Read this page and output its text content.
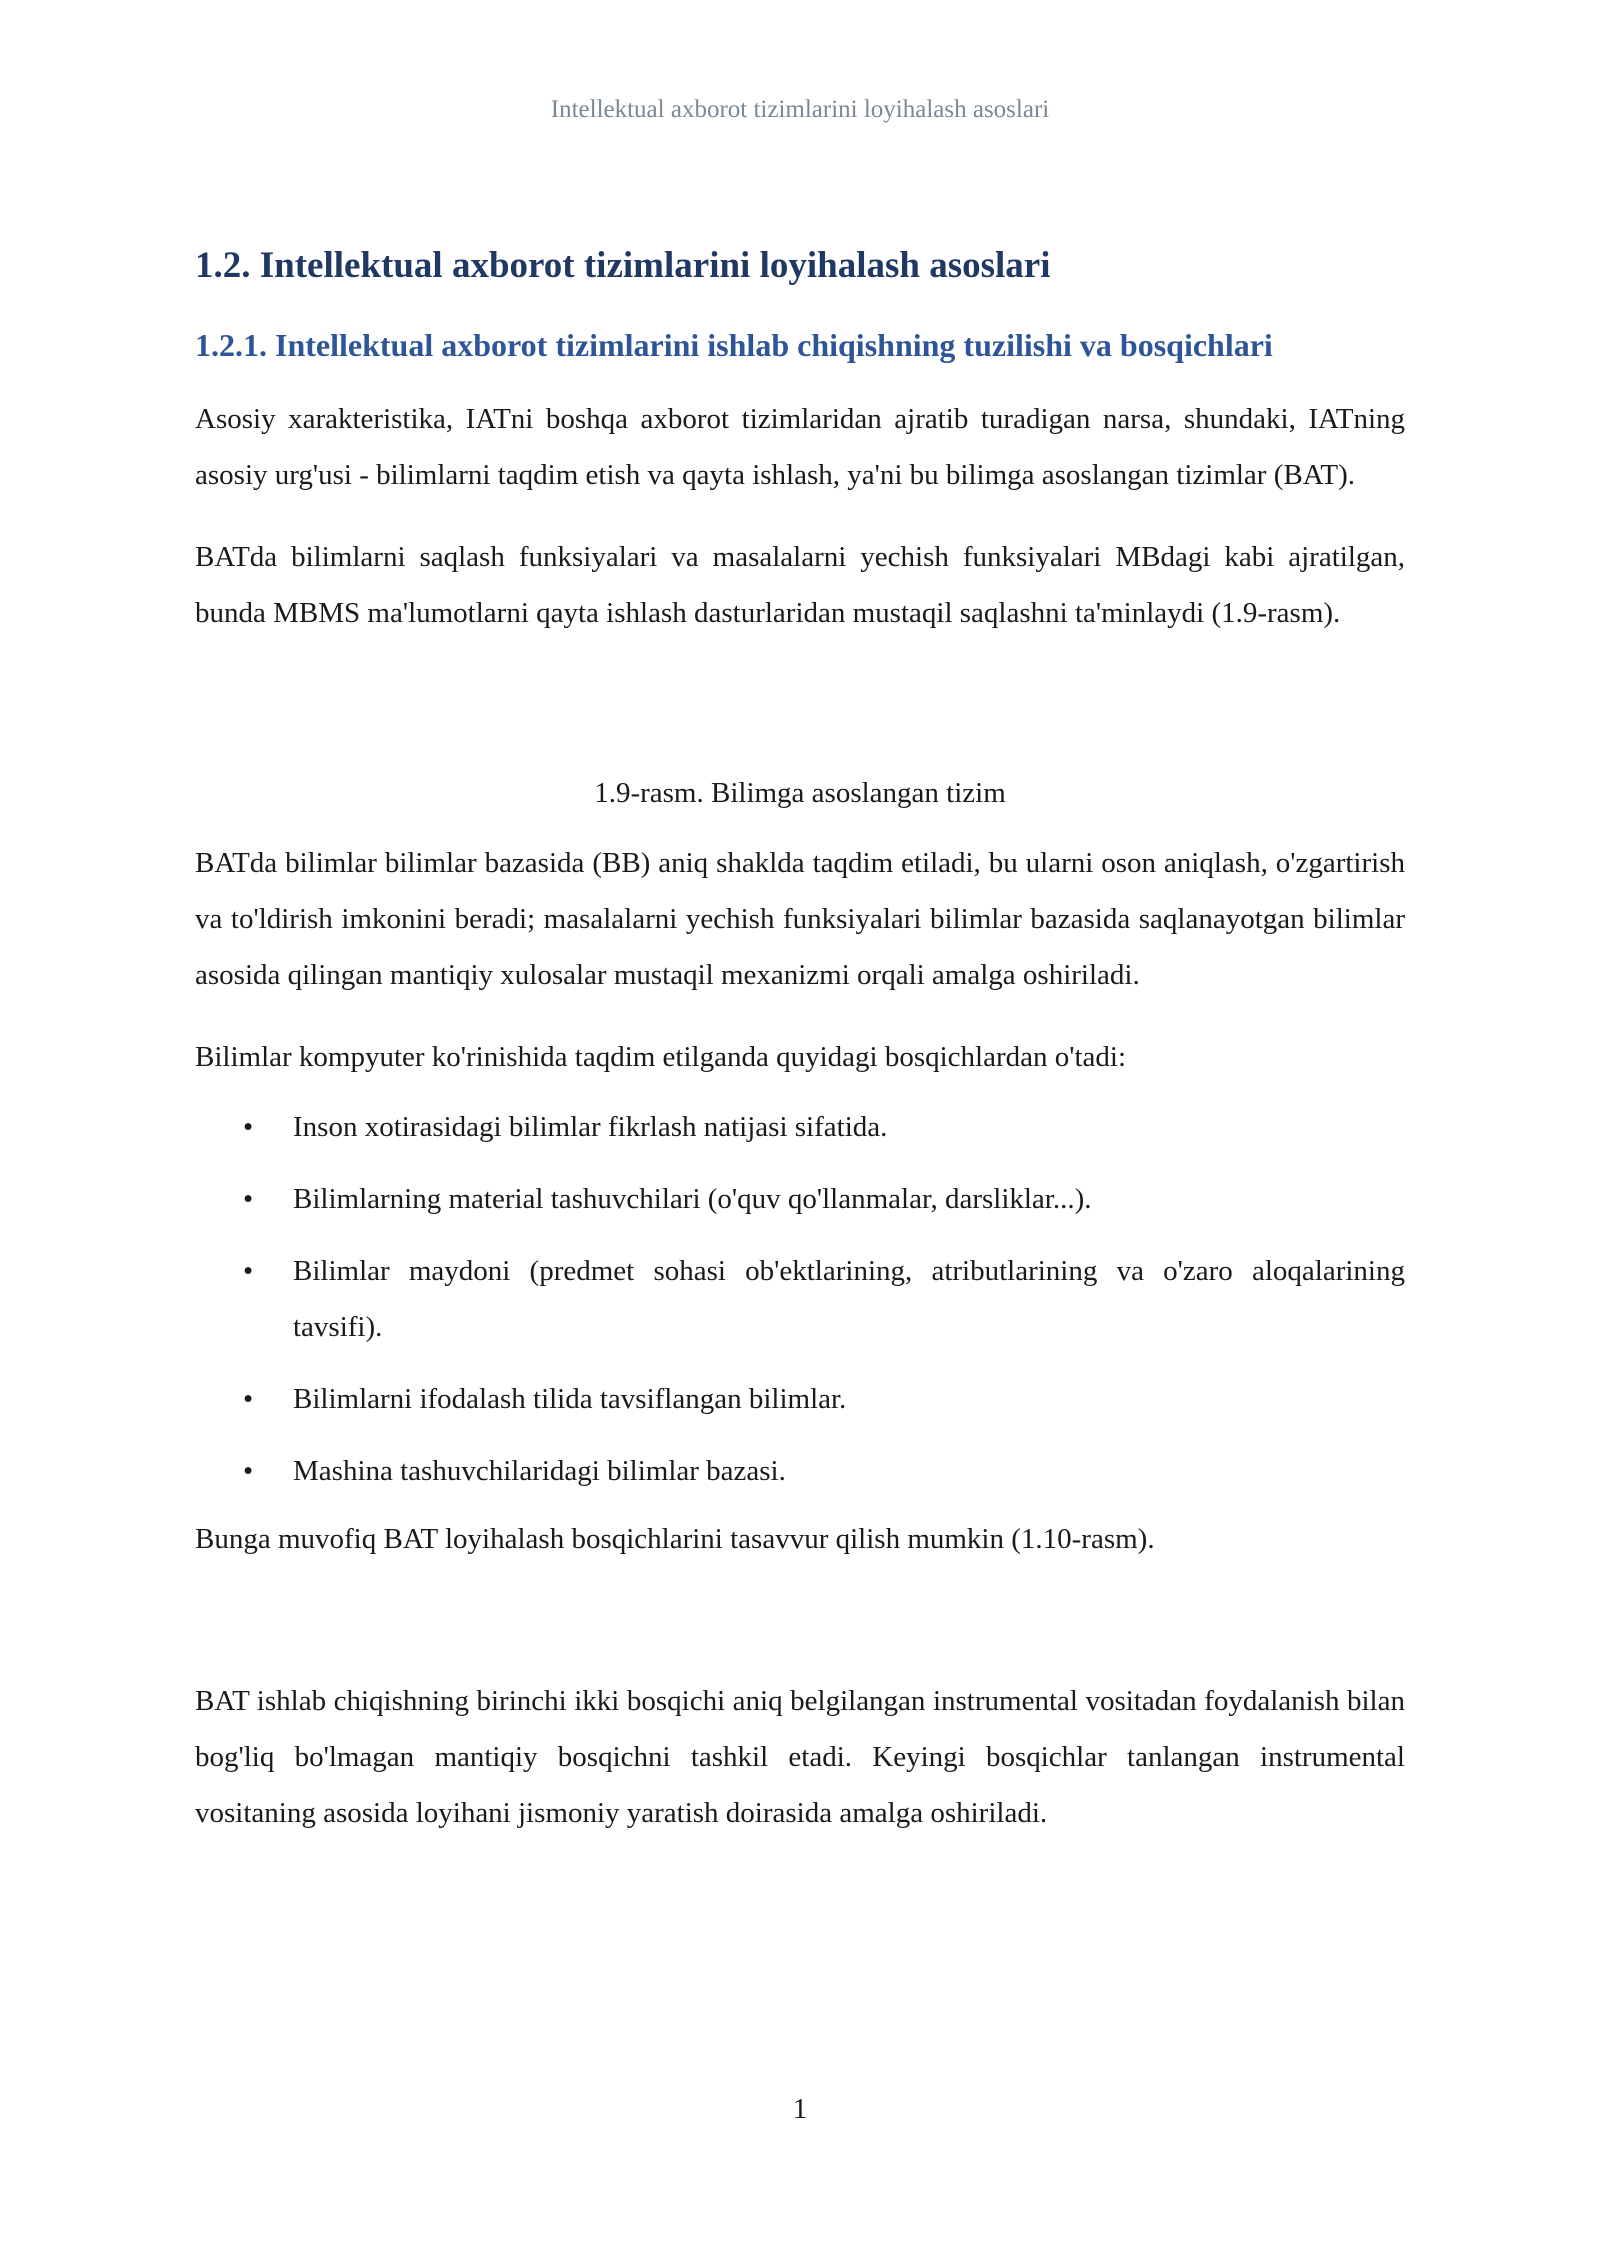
Intellektual axborot tizimlarini loyihalash asoslari
1.2. Intellektual axborot tizimlarini loyihalash asoslari
1.2.1. Intellektual axborot tizimlarini ishlab chiqishning tuzilishi va bosqichlari

Asosiy xarakteristika, IATni boshqa axborot tizimlaridan ajratib turadigan narsa, shundaki, IATning asosiy urg'usi - bilimlarni taqdim etish va qayta ishlash, ya'ni bu bilimga asoslangan tizimlar (BAT).

BATda bilimlarni saqlash funksiyalari va masalalarni yechish funksiyalari MBdagi kabi ajratilgan, bunda MBMS ma'lumotlarni qayta ishlash dasturlaridan mustaqil saqlashni ta'minlaydi (1.9-rasm).

1.9-rasm. Bilimga asoslangan tizim

BATda bilimlar bilimlar bazasida (BB) aniq shaklda taqdim etiladi, bu ularni oson aniqlash, o'zgartirish va to'ldirish imkonini beradi; masalalarni yechish funksiyalari bilimlar bazasida saqlanayotgan bilimlar asosida qilingan mantiqiy xulosalar mustaqil mexanizmi orqali amalga oshiriladi.

Bilimlar kompyuter ko'rinishida taqdim etilganda quyidagi bosqichlardan o'tadi:

• Inson xotirasidagi bilimlar fikrlash natijasi sifatida.
• Bilimlarning material tashuvchilari (o'quv qo'llanmalar, darsliklar...).
• Bilimlar maydoni (predmet sohasi ob'ektlarining, atributlarining va o'zaro aloqalarining tavsifi).
• Bilimlarni ifodalash tilida tavsiflangan bilimlar.
• Mashina tashuvchilaridagi bilimlar bazasi.

Bunga muvofiq BAT loyihalash bosqichlarini tasavvur qilish mumkin (1.10-rasm).

BAT ishlab chiqishning birinchi ikki bosqichi aniq belgilangan instrumental vositadan foydalanish bilan bog'liq bo'lmagan mantiqiy bosqichni tashkil etadi. Keyingi bosqichlar tanlangan instrumental vositaning asosida loyihani jismoniy yaratish doirasida amalga oshiriladi.

1
